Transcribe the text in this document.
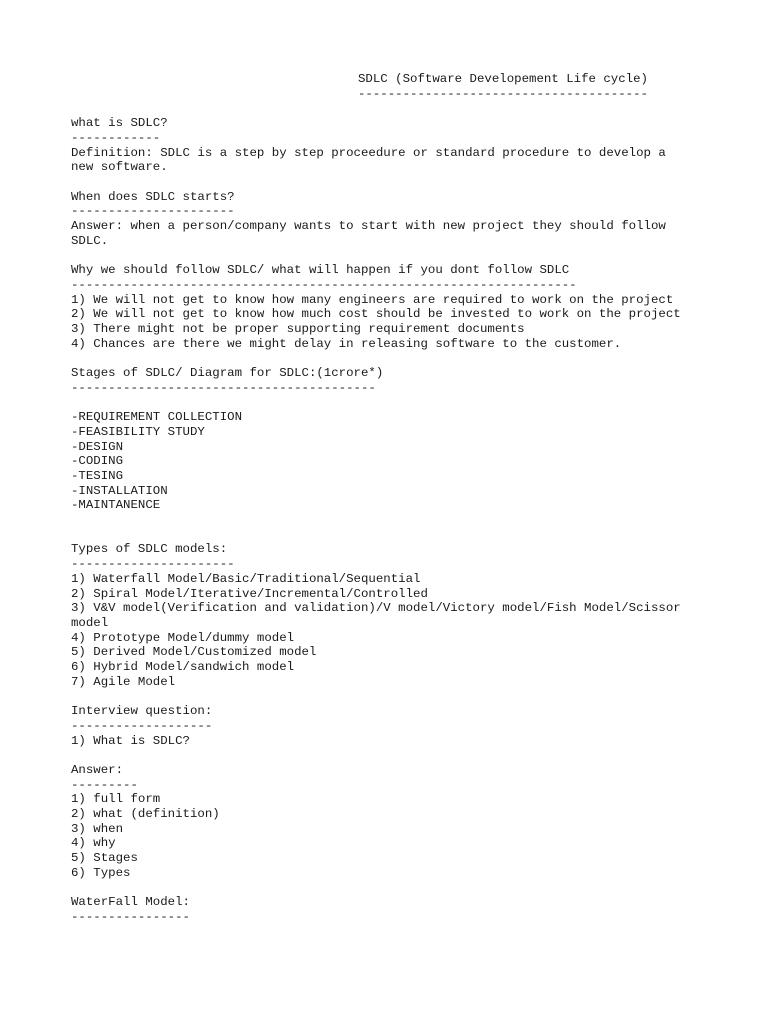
SDLC (Software Developement Life cycle)
---------------------------------------
what is SDLC?
------------
Definition: SDLC is a step by step proceedure or standard procedure to develop a
new software.
When does SDLC starts?
----------------------
Answer: when a person/company wants to start with new project they should follow
SDLC.
Why we should follow SDLC/ what will happen if you dont follow SDLC
--------------------------------------------------------------------
1) We will not get to know how many engineers are required to work on the project
2) We will not get to know how much cost should be invested to work on the project
3) There might not be proper supporting requirement documents
4) Chances are there we might delay in releasing software to the customer.
Stages of SDLC/ Diagram for SDLC:(1crore*)
-----------------------------------------
-REQUIREMENT COLLECTION
-FEASIBILITY STUDY
-DESIGN
-CODING
-TESING
-INSTALLATION
-MAINTANENCE
Types of SDLC models:
----------------------
1) Waterfall Model/Basic/Traditional/Sequential
2) Spiral Model/Iterative/Incremental/Controlled
3) V&V model(Verification and validation)/V model/Victory model/Fish Model/Scissor
model
4) Prototype Model/dummy model
5) Derived Model/Customized model
6) Hybrid Model/sandwich model
7) Agile Model
Interview question:
-------------------
1) What is SDLC?
Answer:
---------
1) full form
2) what (definition)
3) when
4) why
5) Stages
6) Types
WaterFall Model:
----------------
